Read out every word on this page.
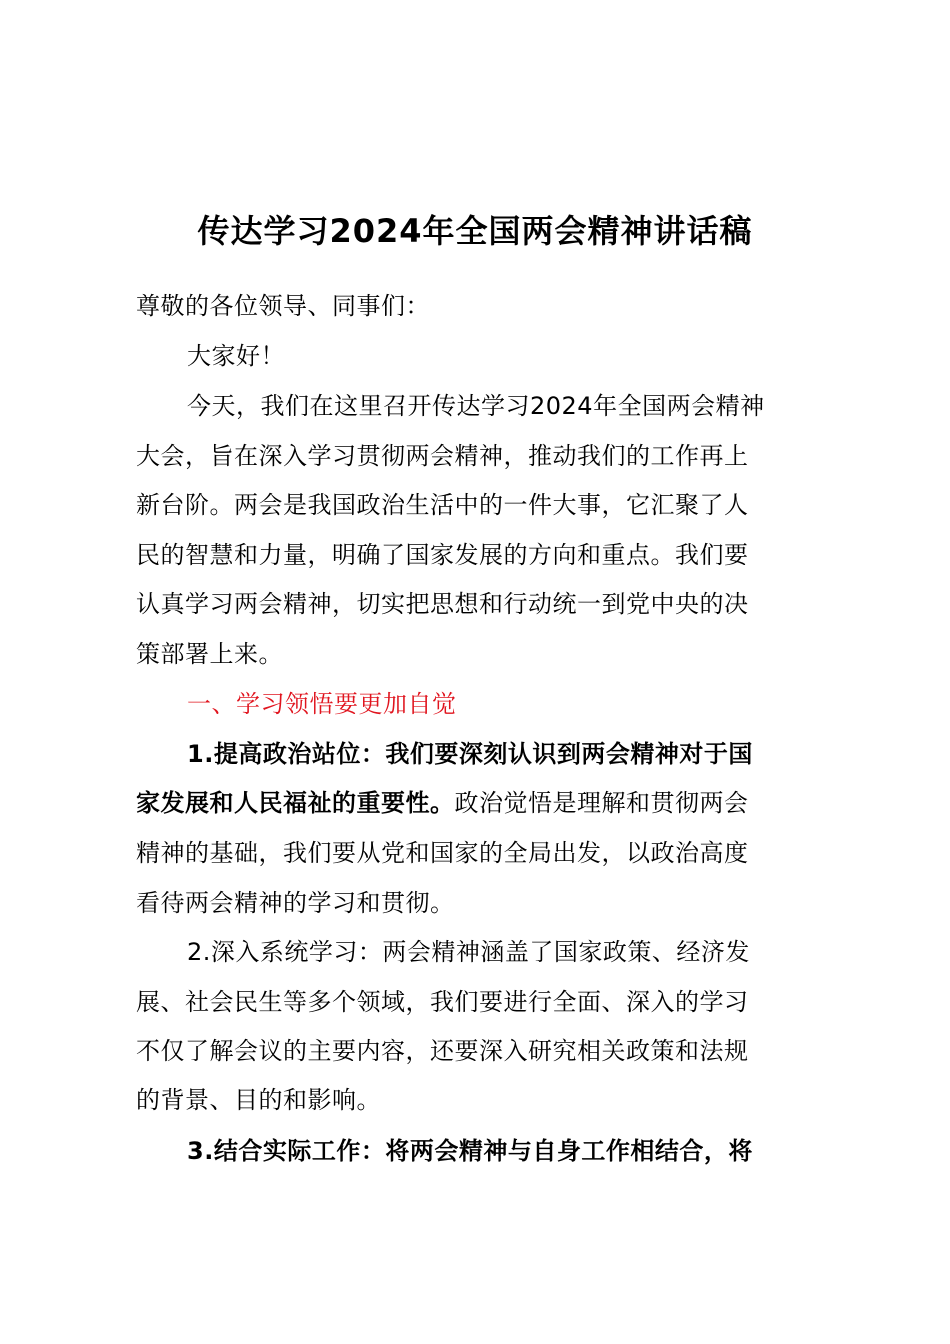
传达学习2024年全国两会精神讲话稿
尊敬的各位领导、同事们：
大家好！
今天，我们在这里召开传达学习2024年全国两会精神
大会，旨在深入学习贯彻两会精神，推动我们的工作再上
新台阶。两会是我国政治生活中的一件大事，它汇聚了人
民的智慧和力量，明确了国家发展的方向和重点。我们要
认真学习两会精神，切实把思想和行动统一到党中央的决
策部署上来。
一、学习领悟要更加自觉
1.提高政治站位：我们要深刻认识到两会精神对于国
家发展和人民福祉的重要性。政治觉悟是理解和贯彻两会
精神的基础，我们要从党和国家的全局出发，以政治高度
看待两会精神的学习和贯彻。
2.深入系统学习：两会精神涵盖了国家政策、经济发
展、社会民生等多个领域，我们要进行全面、深入的学习
不仅了解会议的主要内容，还要深入研究相关政策和法规
的背景、目的和影响。
3.结合实际工作：将两会精神与自身工作相结合，将
